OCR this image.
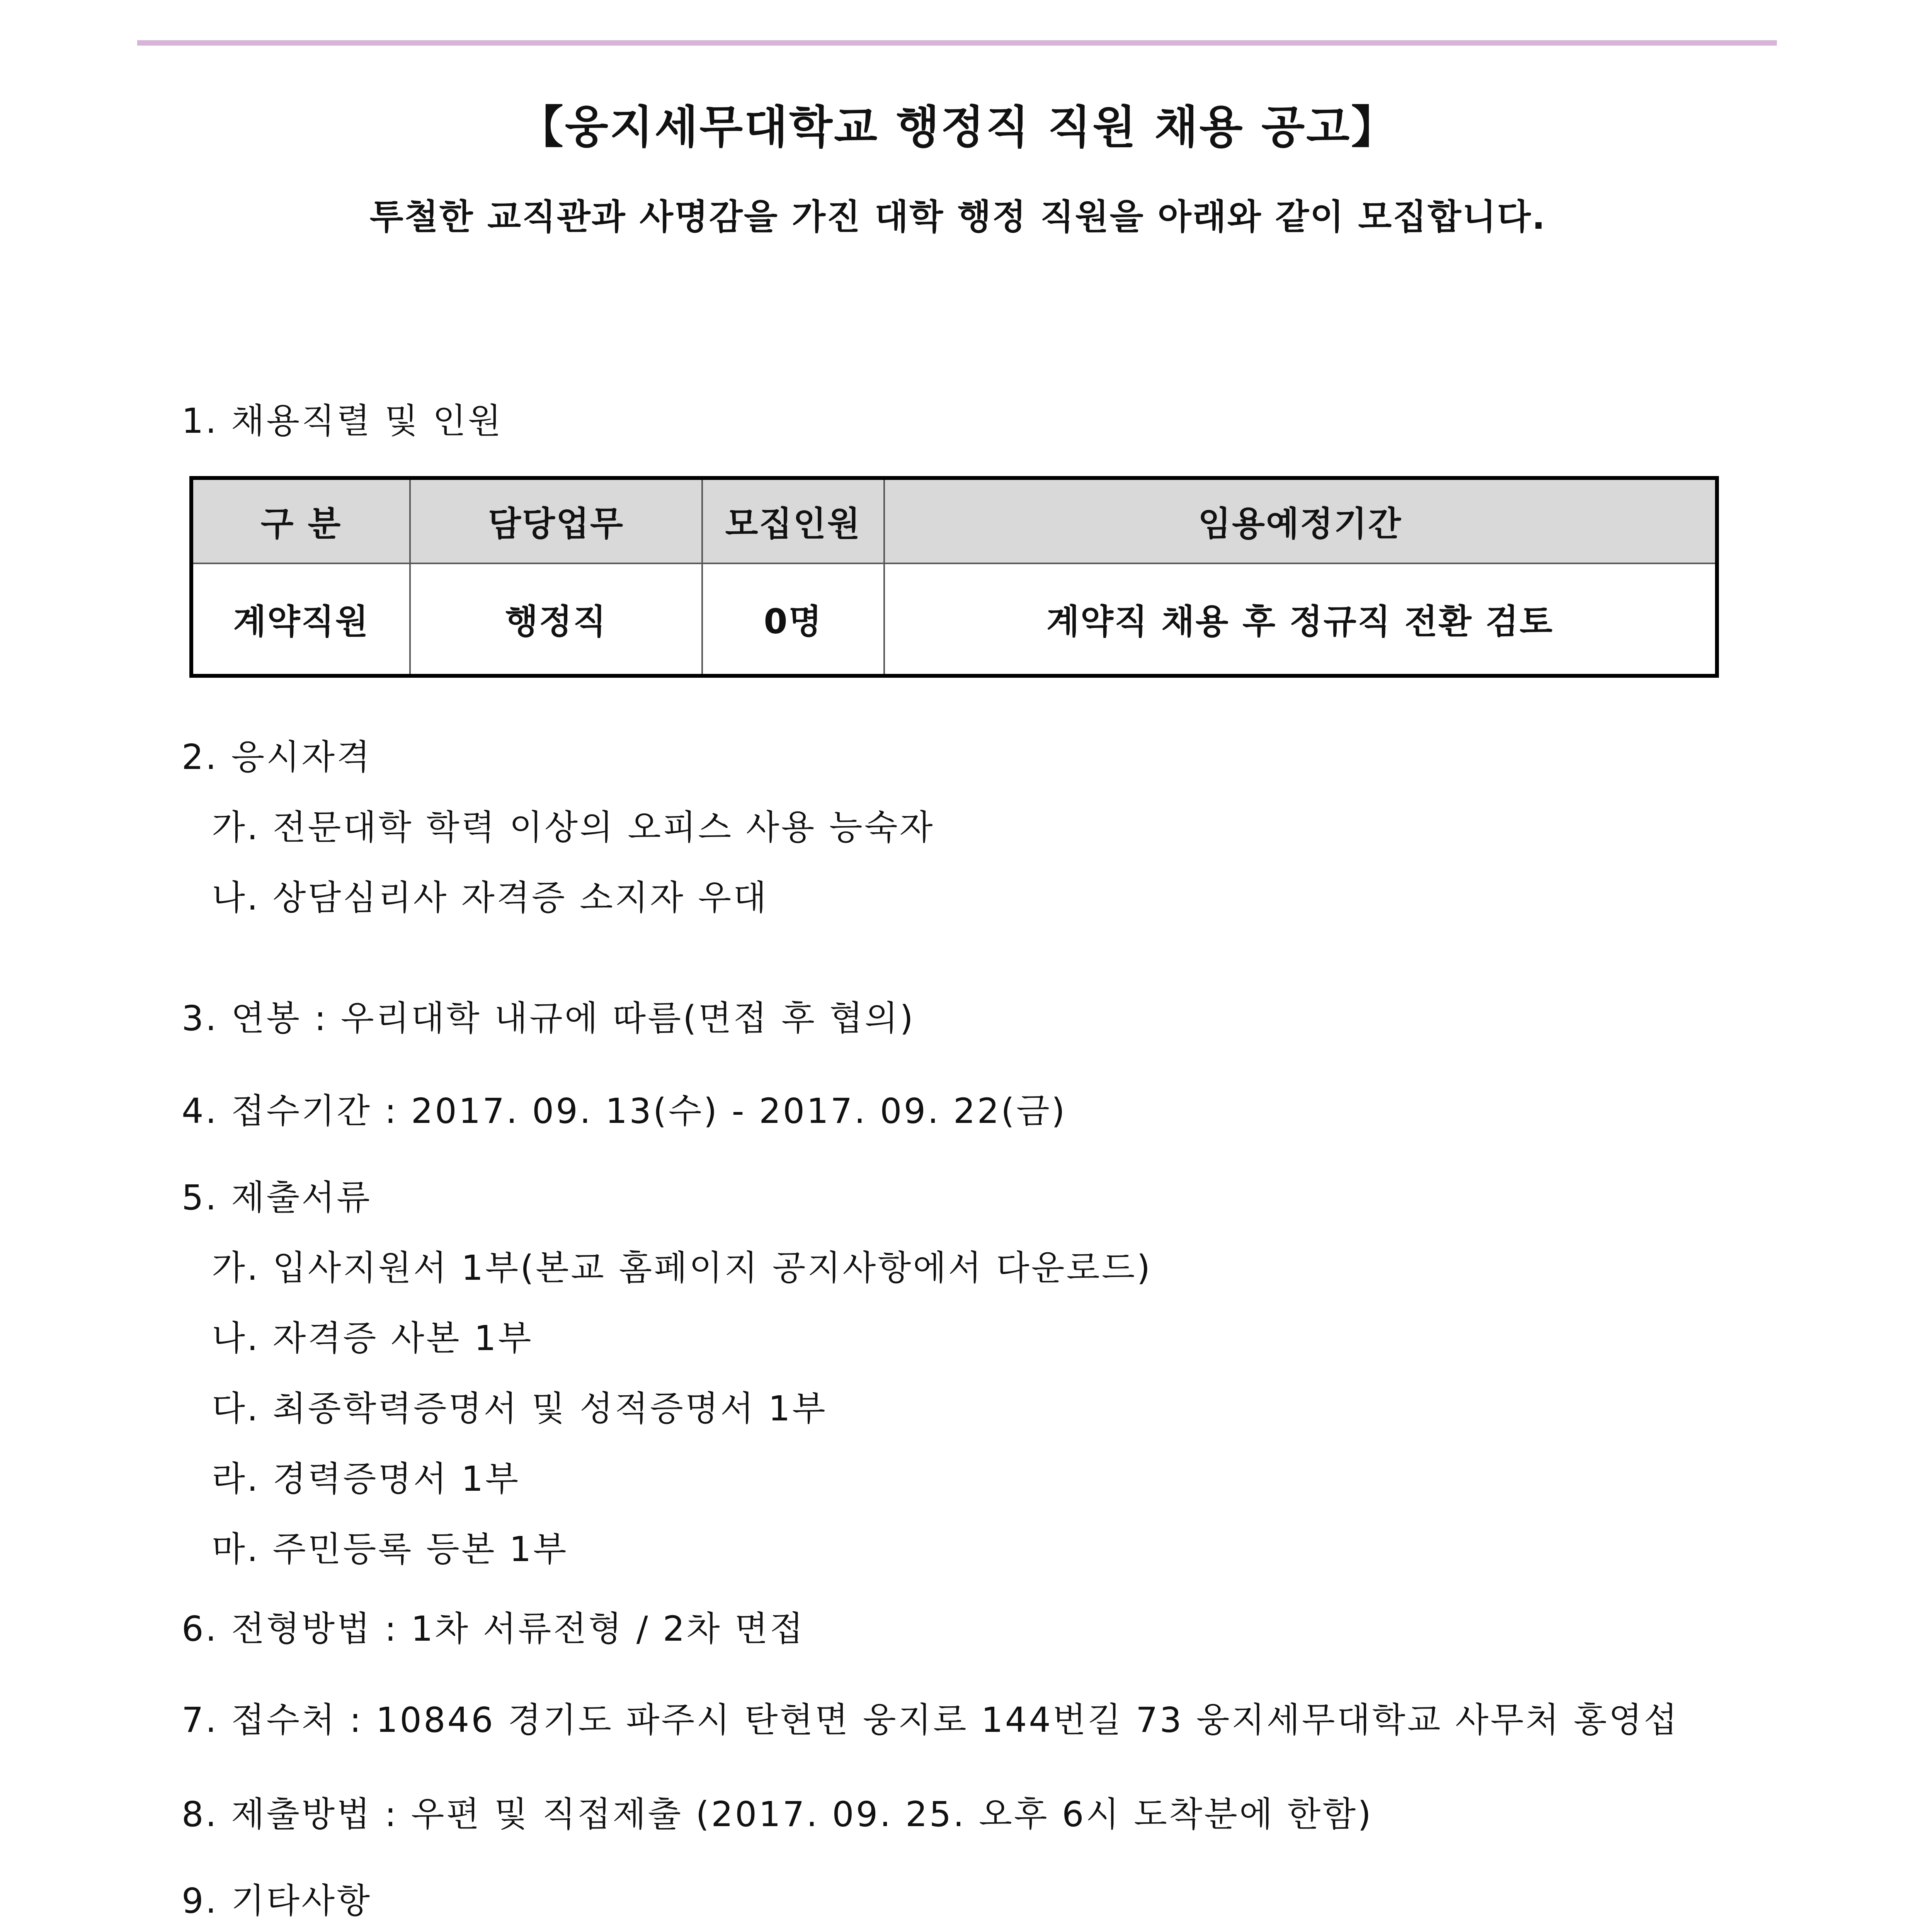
【웅지세무대학교 행정직 직원 채용 공고】
투철한 교직관과 사명감을 가진 대학 행정 직원을 아래와 같이 모집합니다.
1. 채용직렬 및 인원
구 분	담당업무	모집인원	임용예정기간
계약직원	행정직	0명	계약직 채용 후 정규직 전환 검토
2. 응시자격
가. 전문대학 학력 이상의 오피스 사용 능숙자
나. 상담심리사 자격증 소지자 우대
3. 연봉 : 우리대학 내규에 따름(면접 후 협의)
4. 접수기간 : 2017. 09. 13(수) - 2017. 09. 22(금)
5. 제출서류
가. 입사지원서 1부(본교 홈페이지 공지사항에서 다운로드)
나. 자격증 사본 1부
다. 최종학력증명서 및 성적증명서 1부
라. 경력증명서 1부
마. 주민등록 등본 1부
6. 전형방법 : 1차 서류전형 / 2차 면접
7. 접수처 : 10846 경기도 파주시 탄현면 웅지로 144번길 73 웅지세무대학교 사무처 홍영섭
8. 제출방법 : 우편 및 직접제출 (2017. 09. 25. 오후 6시 도착분에 한함)
9. 기타사항
